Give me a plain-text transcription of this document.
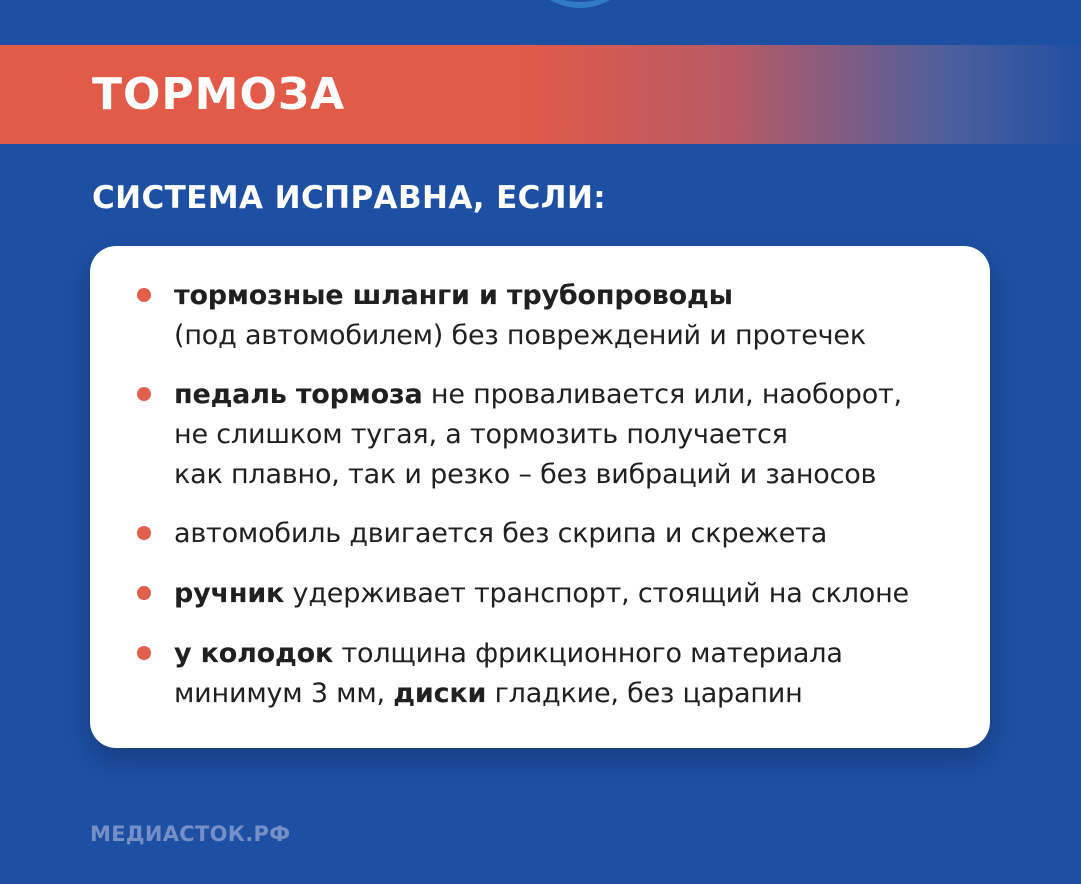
ТОРМОЗА
СИСТЕМА ИСПРАВНА, ЕСЛИ:
тормозные шланги и трубопроводы
(под автомобилем) без повреждений и протечек
педаль тормоза не проваливается или, наоборот,
не слишком тугая, а тормозить получается
как плавно, так и резко – без вибраций и заносов
автомобиль двигается без скрипа и скрежета
ручник удерживает транспорт, стоящий на склоне
у колодок толщина фрикционного материала
минимум 3 мм, диски гладкие, без царапин
МЕДИАСТОК.РФ
